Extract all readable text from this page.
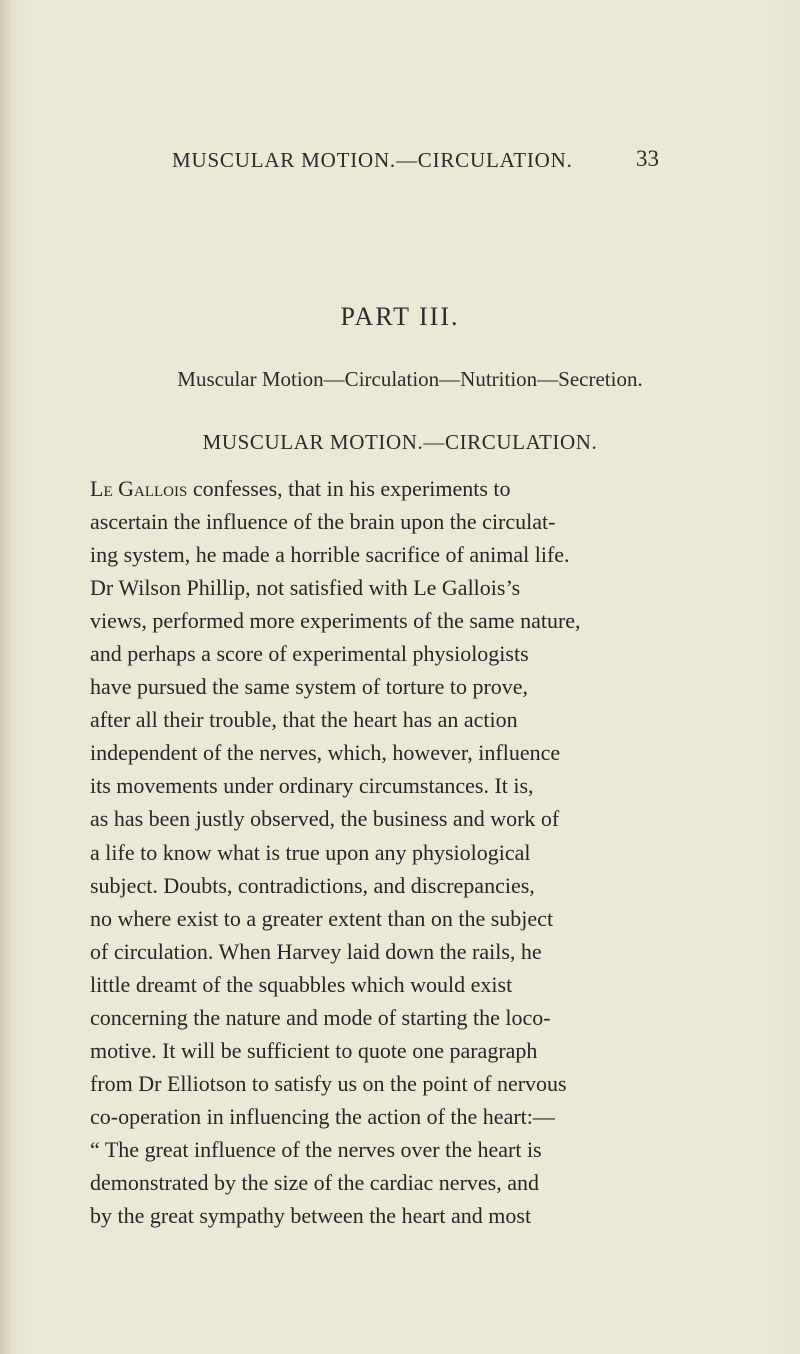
MUSCULAR MOTION.—CIRCULATION.	33
PART III.
Muscular Motion—Circulation—Nutrition—Secretion.
MUSCULAR MOTION.—CIRCULATION.
Le Gallois confesses, that in his experiments to
ascertain the influence of the brain upon the circulat-
ing system, he made a horrible sacrifice of animal life.
Dr Wilson Phillip, not satisfied with Le Gallois’s
views, performed more experiments of the same nature,
and perhaps a score of experimental physiologists
have pursued the same system of torture to prove,
after all their trouble, that the heart has an action
independent of the nerves, which, however, influence
its movements under ordinary circumstances. It is,
as has been justly observed, the business and work of
a life to know what is true upon any physiological
subject. Doubts, contradictions, and discrepancies,
no where exist to a greater extent than on the subject
of circulation. When Harvey laid down the rails, he
little dreamt of the squabbles which would exist
concerning the nature and mode of starting the loco-
motive. It will be sufficient to quote one paragraph
from Dr Elliotson to satisfy us on the point of nervous
co-operation in influencing the action of the heart:—
“ The great influence of the nerves over the heart is
demonstrated by the size of the cardiac nerves, and
by the great sympathy between the heart and most
